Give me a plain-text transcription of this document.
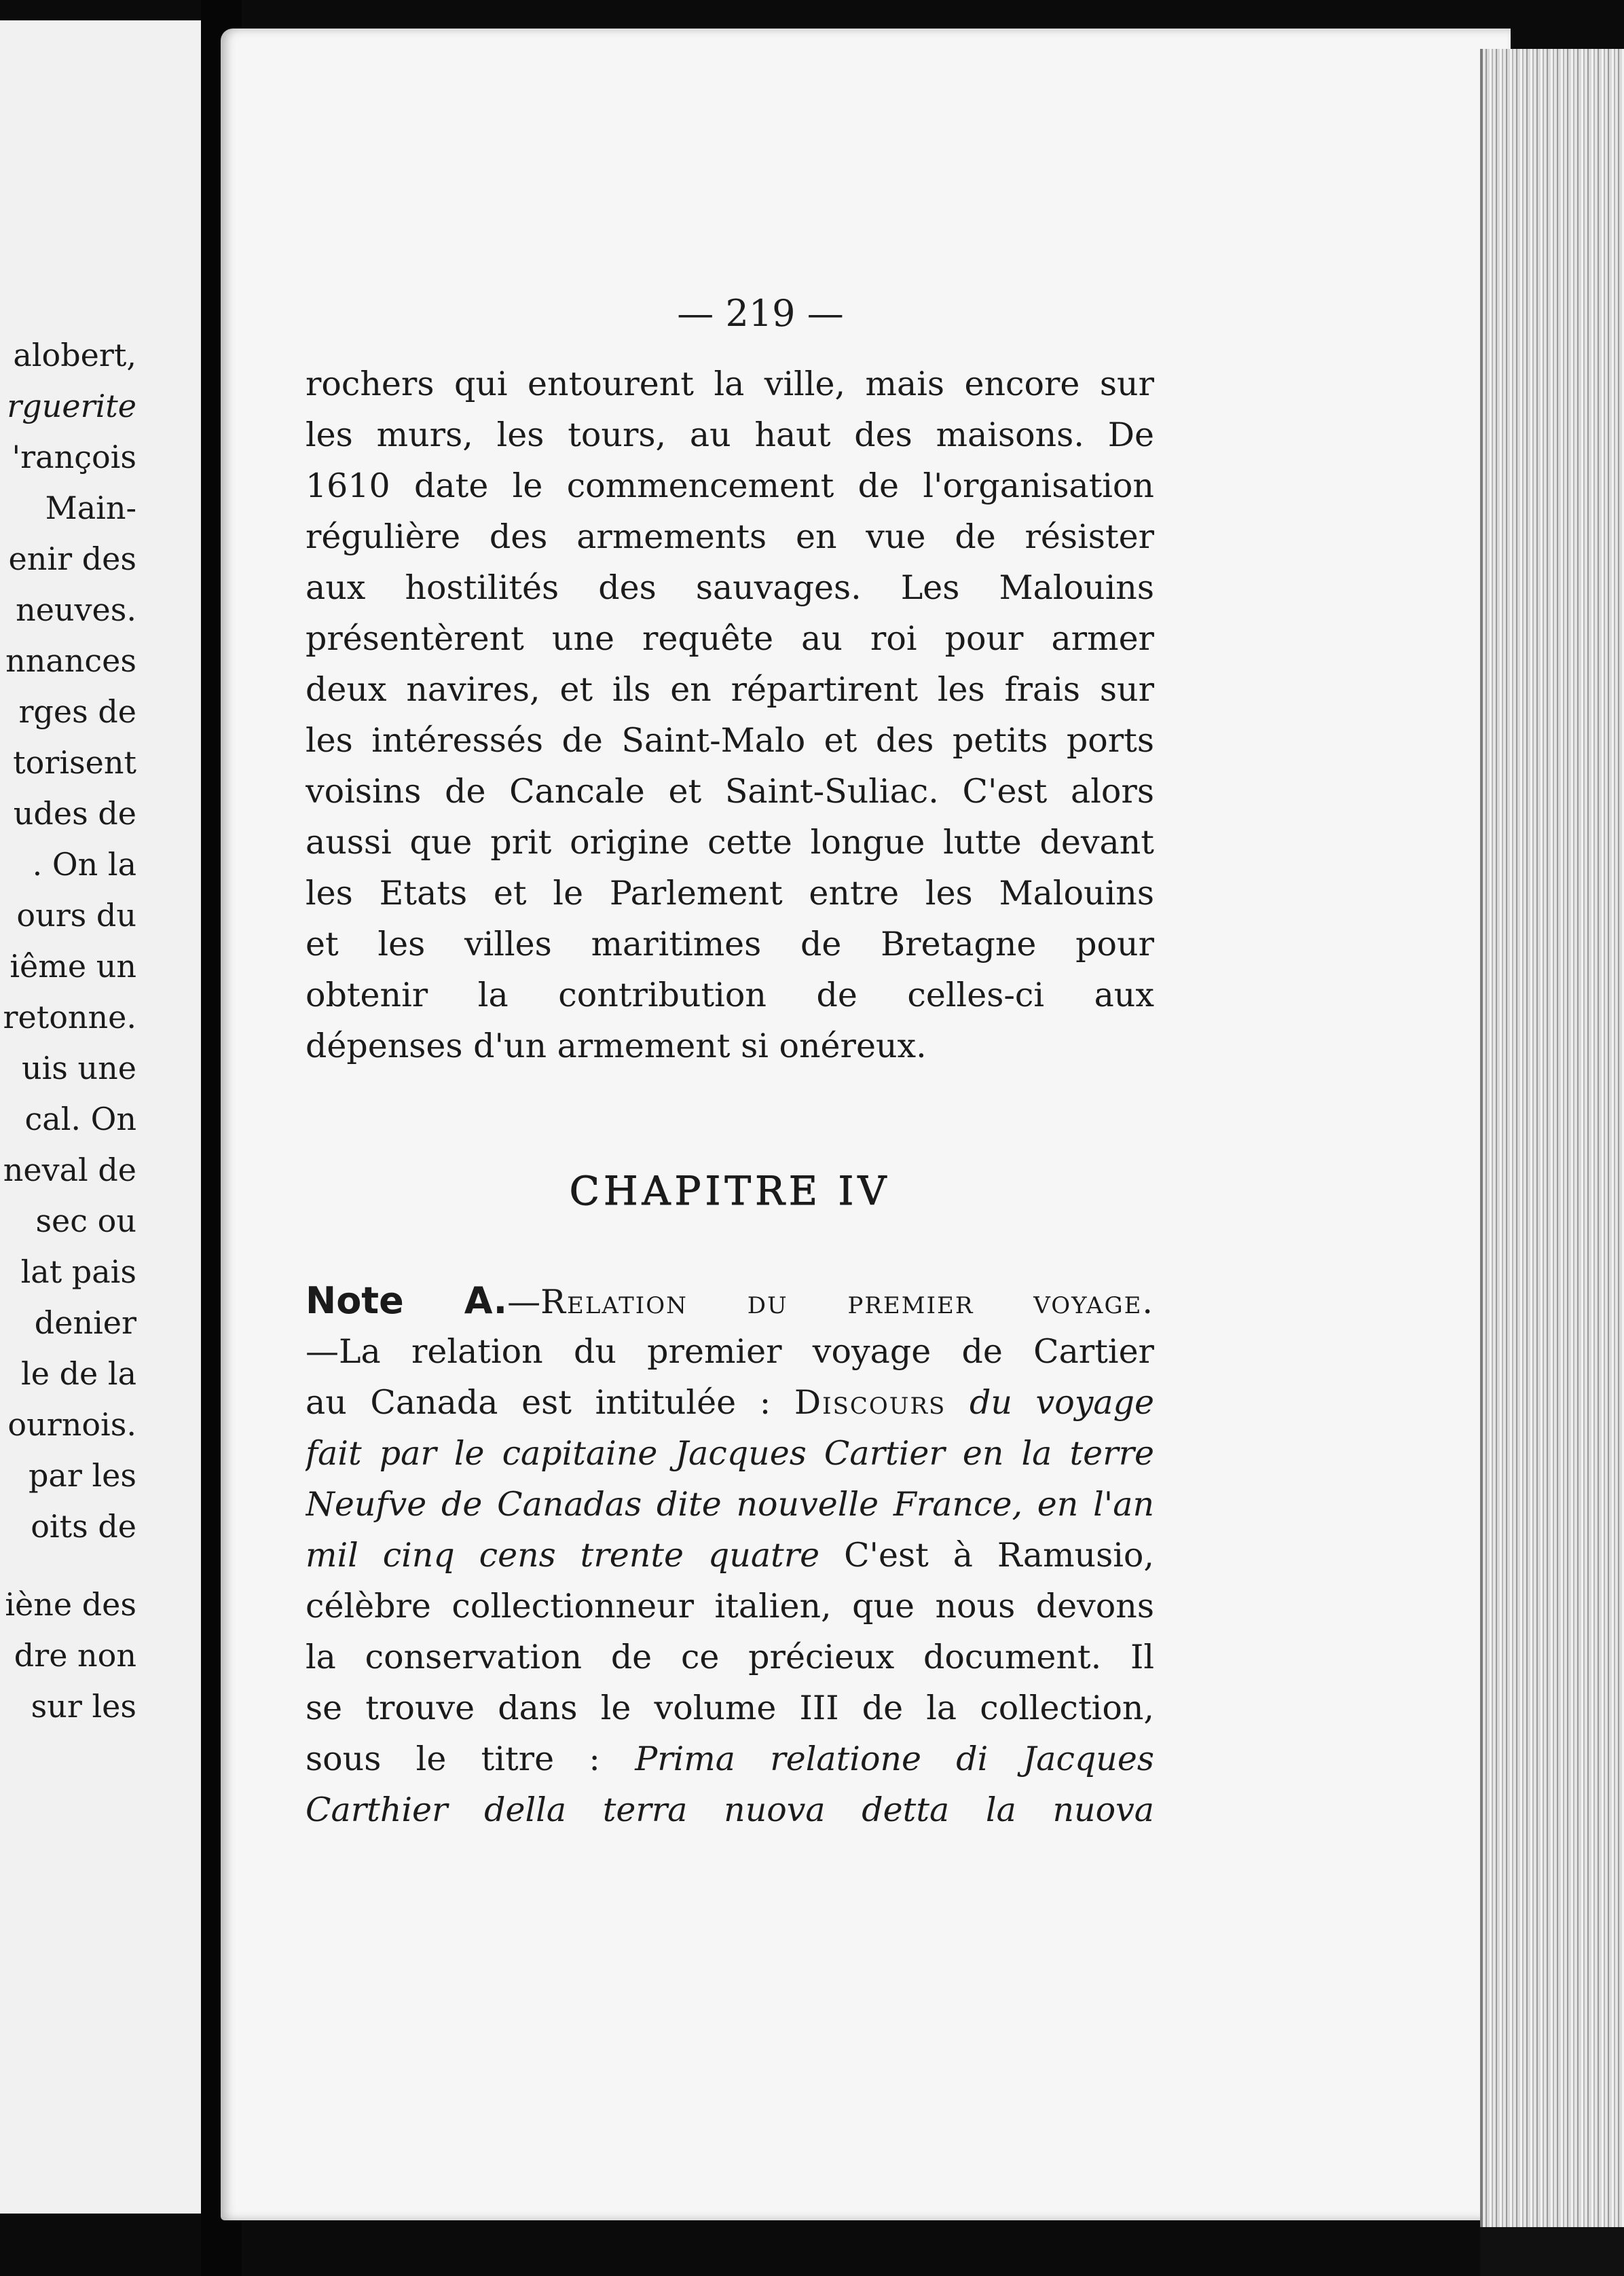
alobert,
rguerite
'rançois
Main-
enir des
neuves.
nnances
rges de
torisent
udes de
. On la
ours du
iême un
retonne.
uis une
cal. On
neval de
sec ou
lat pais
denier
le de la
ournois.
par les
oits de
iène des
dre non
sur les
— 219 —
rochers qui entourent la ville, mais encore sur
les murs, les tours, au haut des maisons. De
1610 date le commencement de l'organisation
régulière des armements en vue de résister
aux hostilités des sauvages. Les Malouins
présentèrent une requête au roi pour armer
deux navires, et ils en répartirent les frais sur
les intéressés de Saint-Malo et des petits ports
voisins de Cancale et Saint-Suliac. C'est alors
aussi que prit origine cette longue lutte devant
les Etats et le Parlement entre les Malouins
et les villes maritimes de Bretagne pour
obtenir la contribution de celles-ci aux
dépenses d'un armement si onéreux.
CHAPITRE IV
Note A.—Relation du premier voyage.
—La relation du premier voyage de Cartier
au Canada est intitulée : Discours du voyage
fait par le capitaine Jacques Cartier en la terre
Neufve de Canadas dite nouvelle France, en l'an
mil cinq cens trente quatre C'est à Ramusio,
célèbre collectionneur italien, que nous devons
la conservation de ce précieux document. Il
se trouve dans le volume III de la collection,
sous le titre : Prima relatione di Jacques
Carthier della terra nuova detta la nuova
